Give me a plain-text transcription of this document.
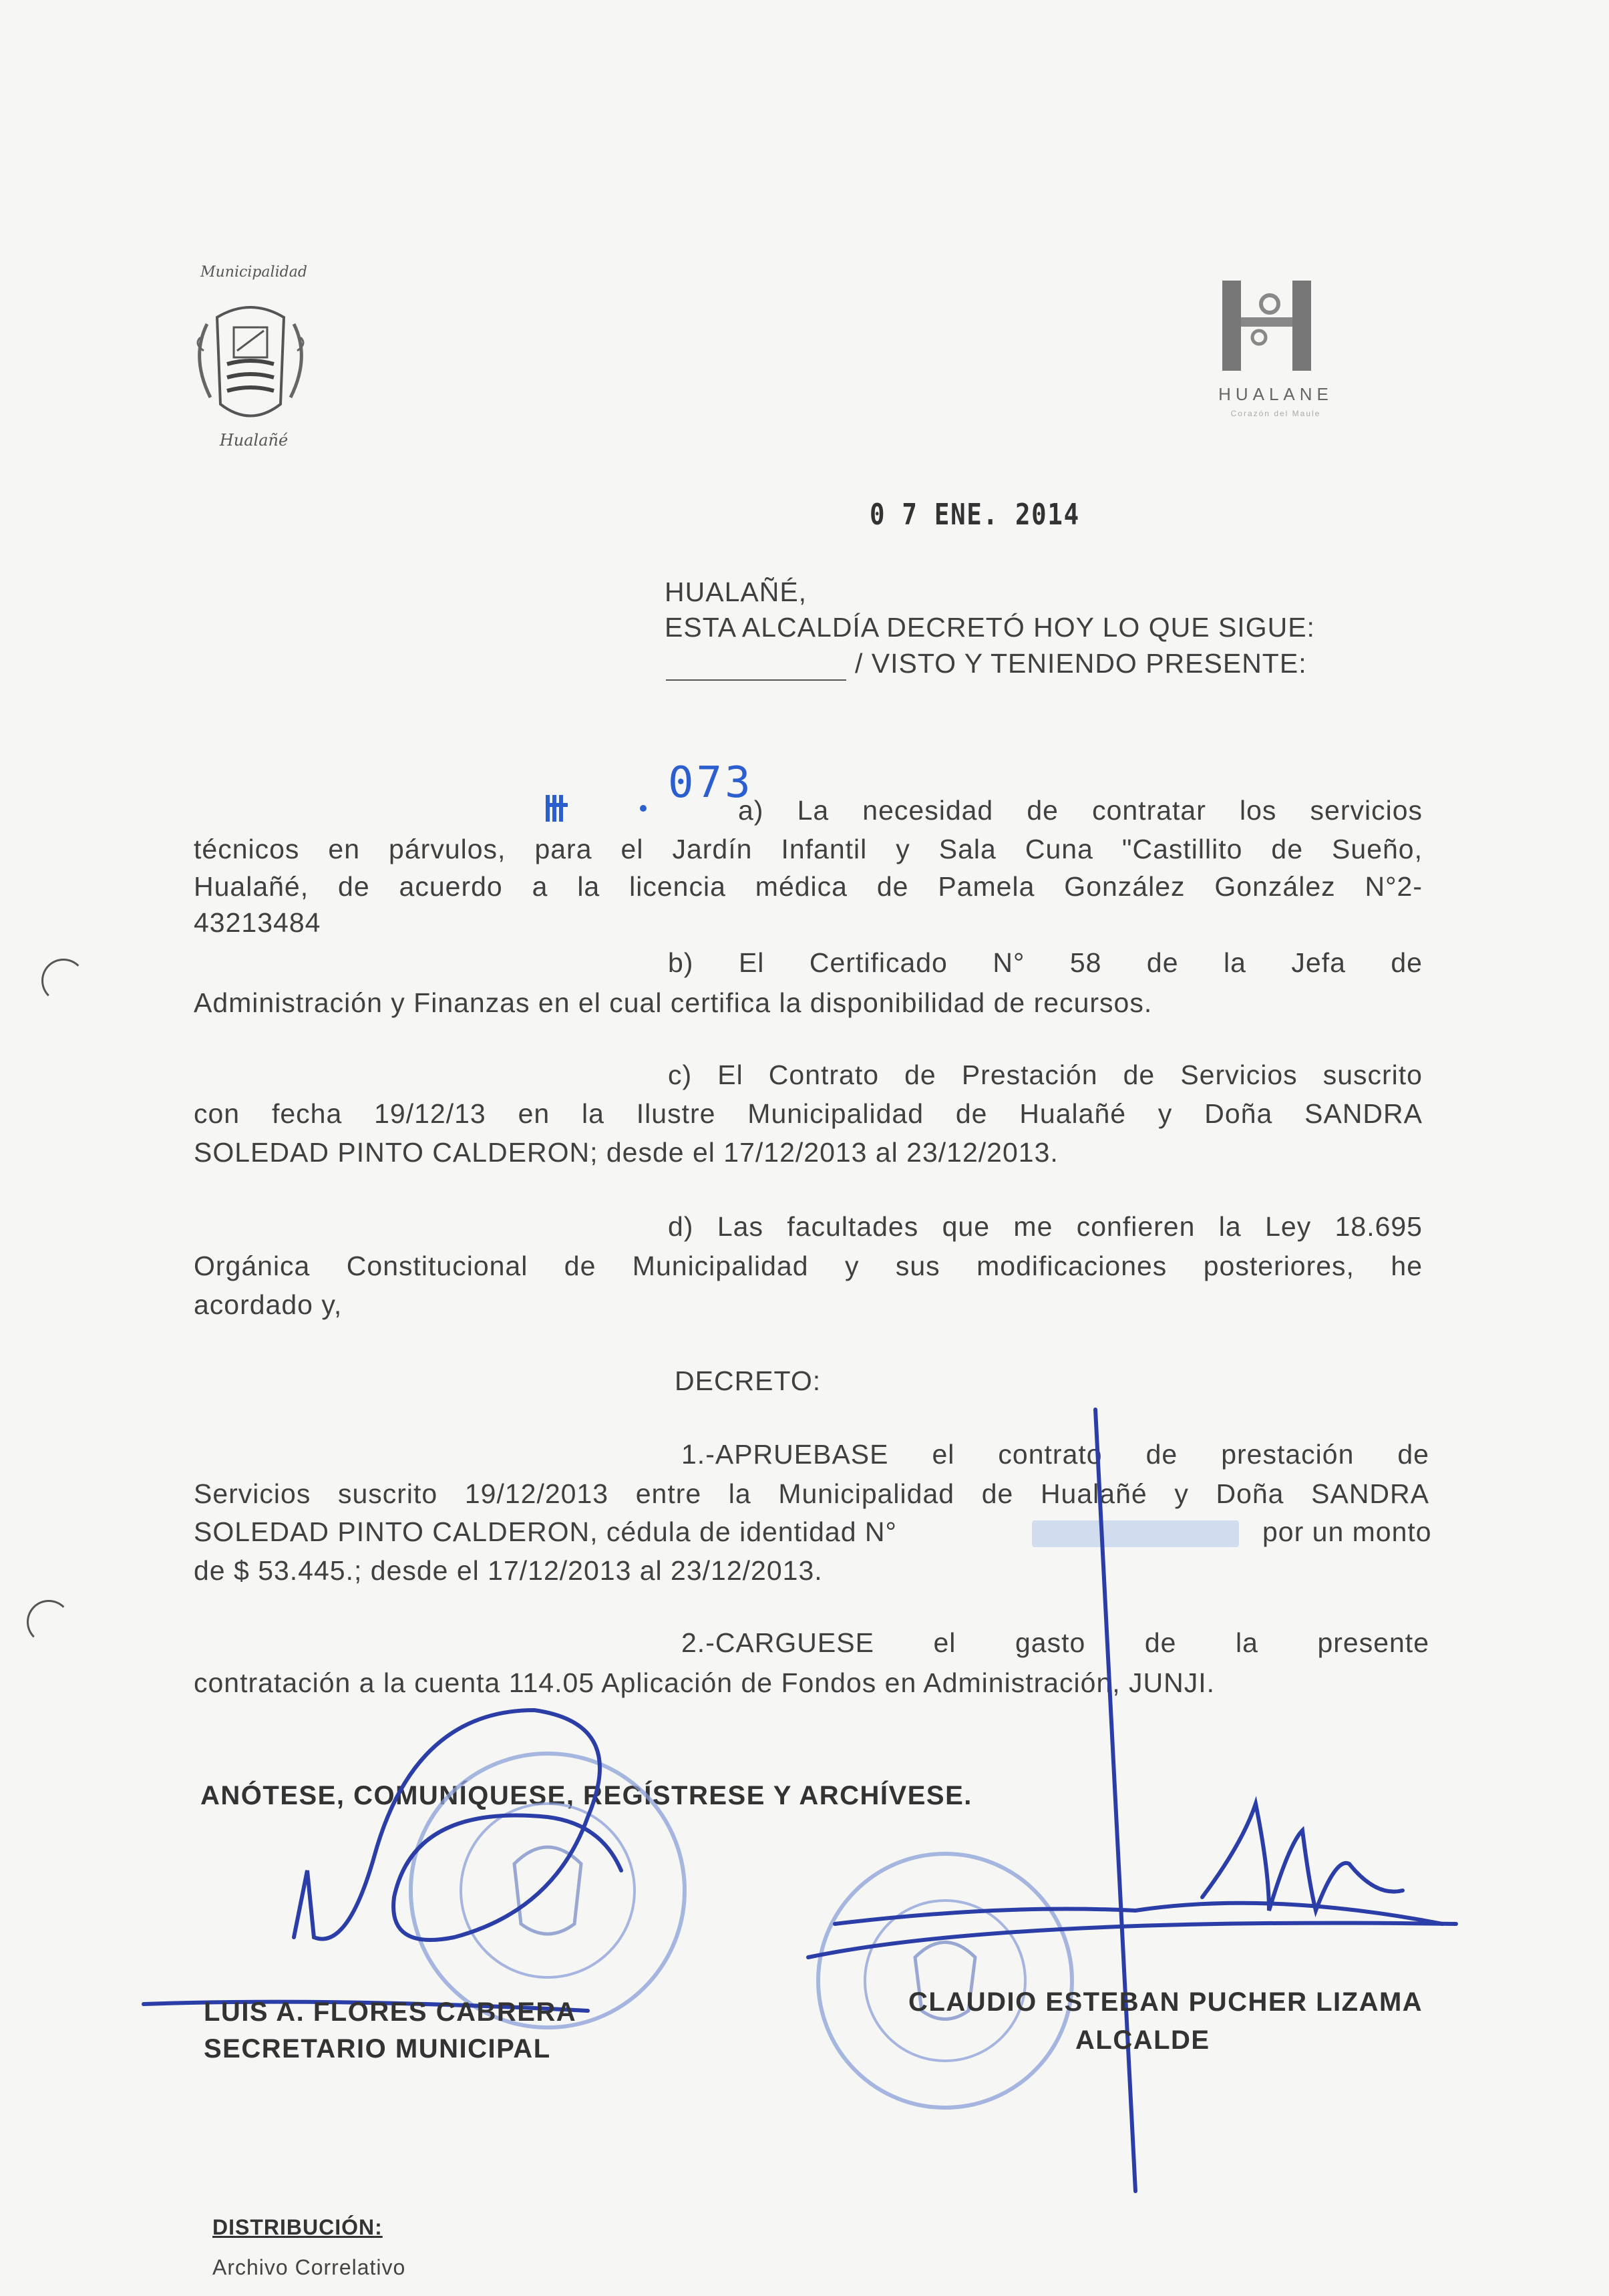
Municipalidad
Hualañé
HUALANE
Corazón del Maule
0 7 ENE. 2014
HUALAÑÉ,
ESTA ALCALDÍA DECRETÓ HOY LO QUE SIGUE:
/ VISTO Y TENIENDO PRESENTE:
073
a) La necesidad de contratar los servicios
técnicos en párvulos, para el Jardín Infantil y Sala Cuna "Castillito de Sueño,
Hualañé, de acuerdo a la licencia médica de Pamela González González N°2-
43213484
b) El Certificado N° 58 de la Jefa de
Administración y Finanzas en el cual certifica la disponibilidad de recursos.
c) El Contrato de Prestación de Servicios suscrito
con fecha 19/12/13 en la Ilustre Municipalidad de Hualañé y Doña SANDRA
SOLEDAD PINTO CALDERON; desde el 17/12/2013 al 23/12/2013.
d) Las facultades que me confieren la Ley 18.695
Orgánica Constitucional de Municipalidad y sus modificaciones posteriores, he
acordado y,
DECRETO:
1.-APRUEBASE el contrato de prestación de
Servicios suscrito 19/12/2013 entre la Municipalidad de Hualañé y Doña SANDRA
SOLEDAD PINTO CALDERON, cédula de identidad N°	por un monto
de $ 53.445.; desde el 17/12/2013 al 23/12/2013.
2.-CARGUESE el gasto de la presente
contratación a la cuenta 114.05 Aplicación de Fondos en Administración, JUNJI.
ANÓTESE, COMUNÍQUESE, REGÍSTRESE Y ARCHÍVESE.
LUIS A. FLORES CABRERA
SECRETARIO MUNICIPAL
CLAUDIO ESTEBAN PUCHER LIZAMA
ALCALDE
DISTRIBUCIÓN:
Archivo Correlativo
